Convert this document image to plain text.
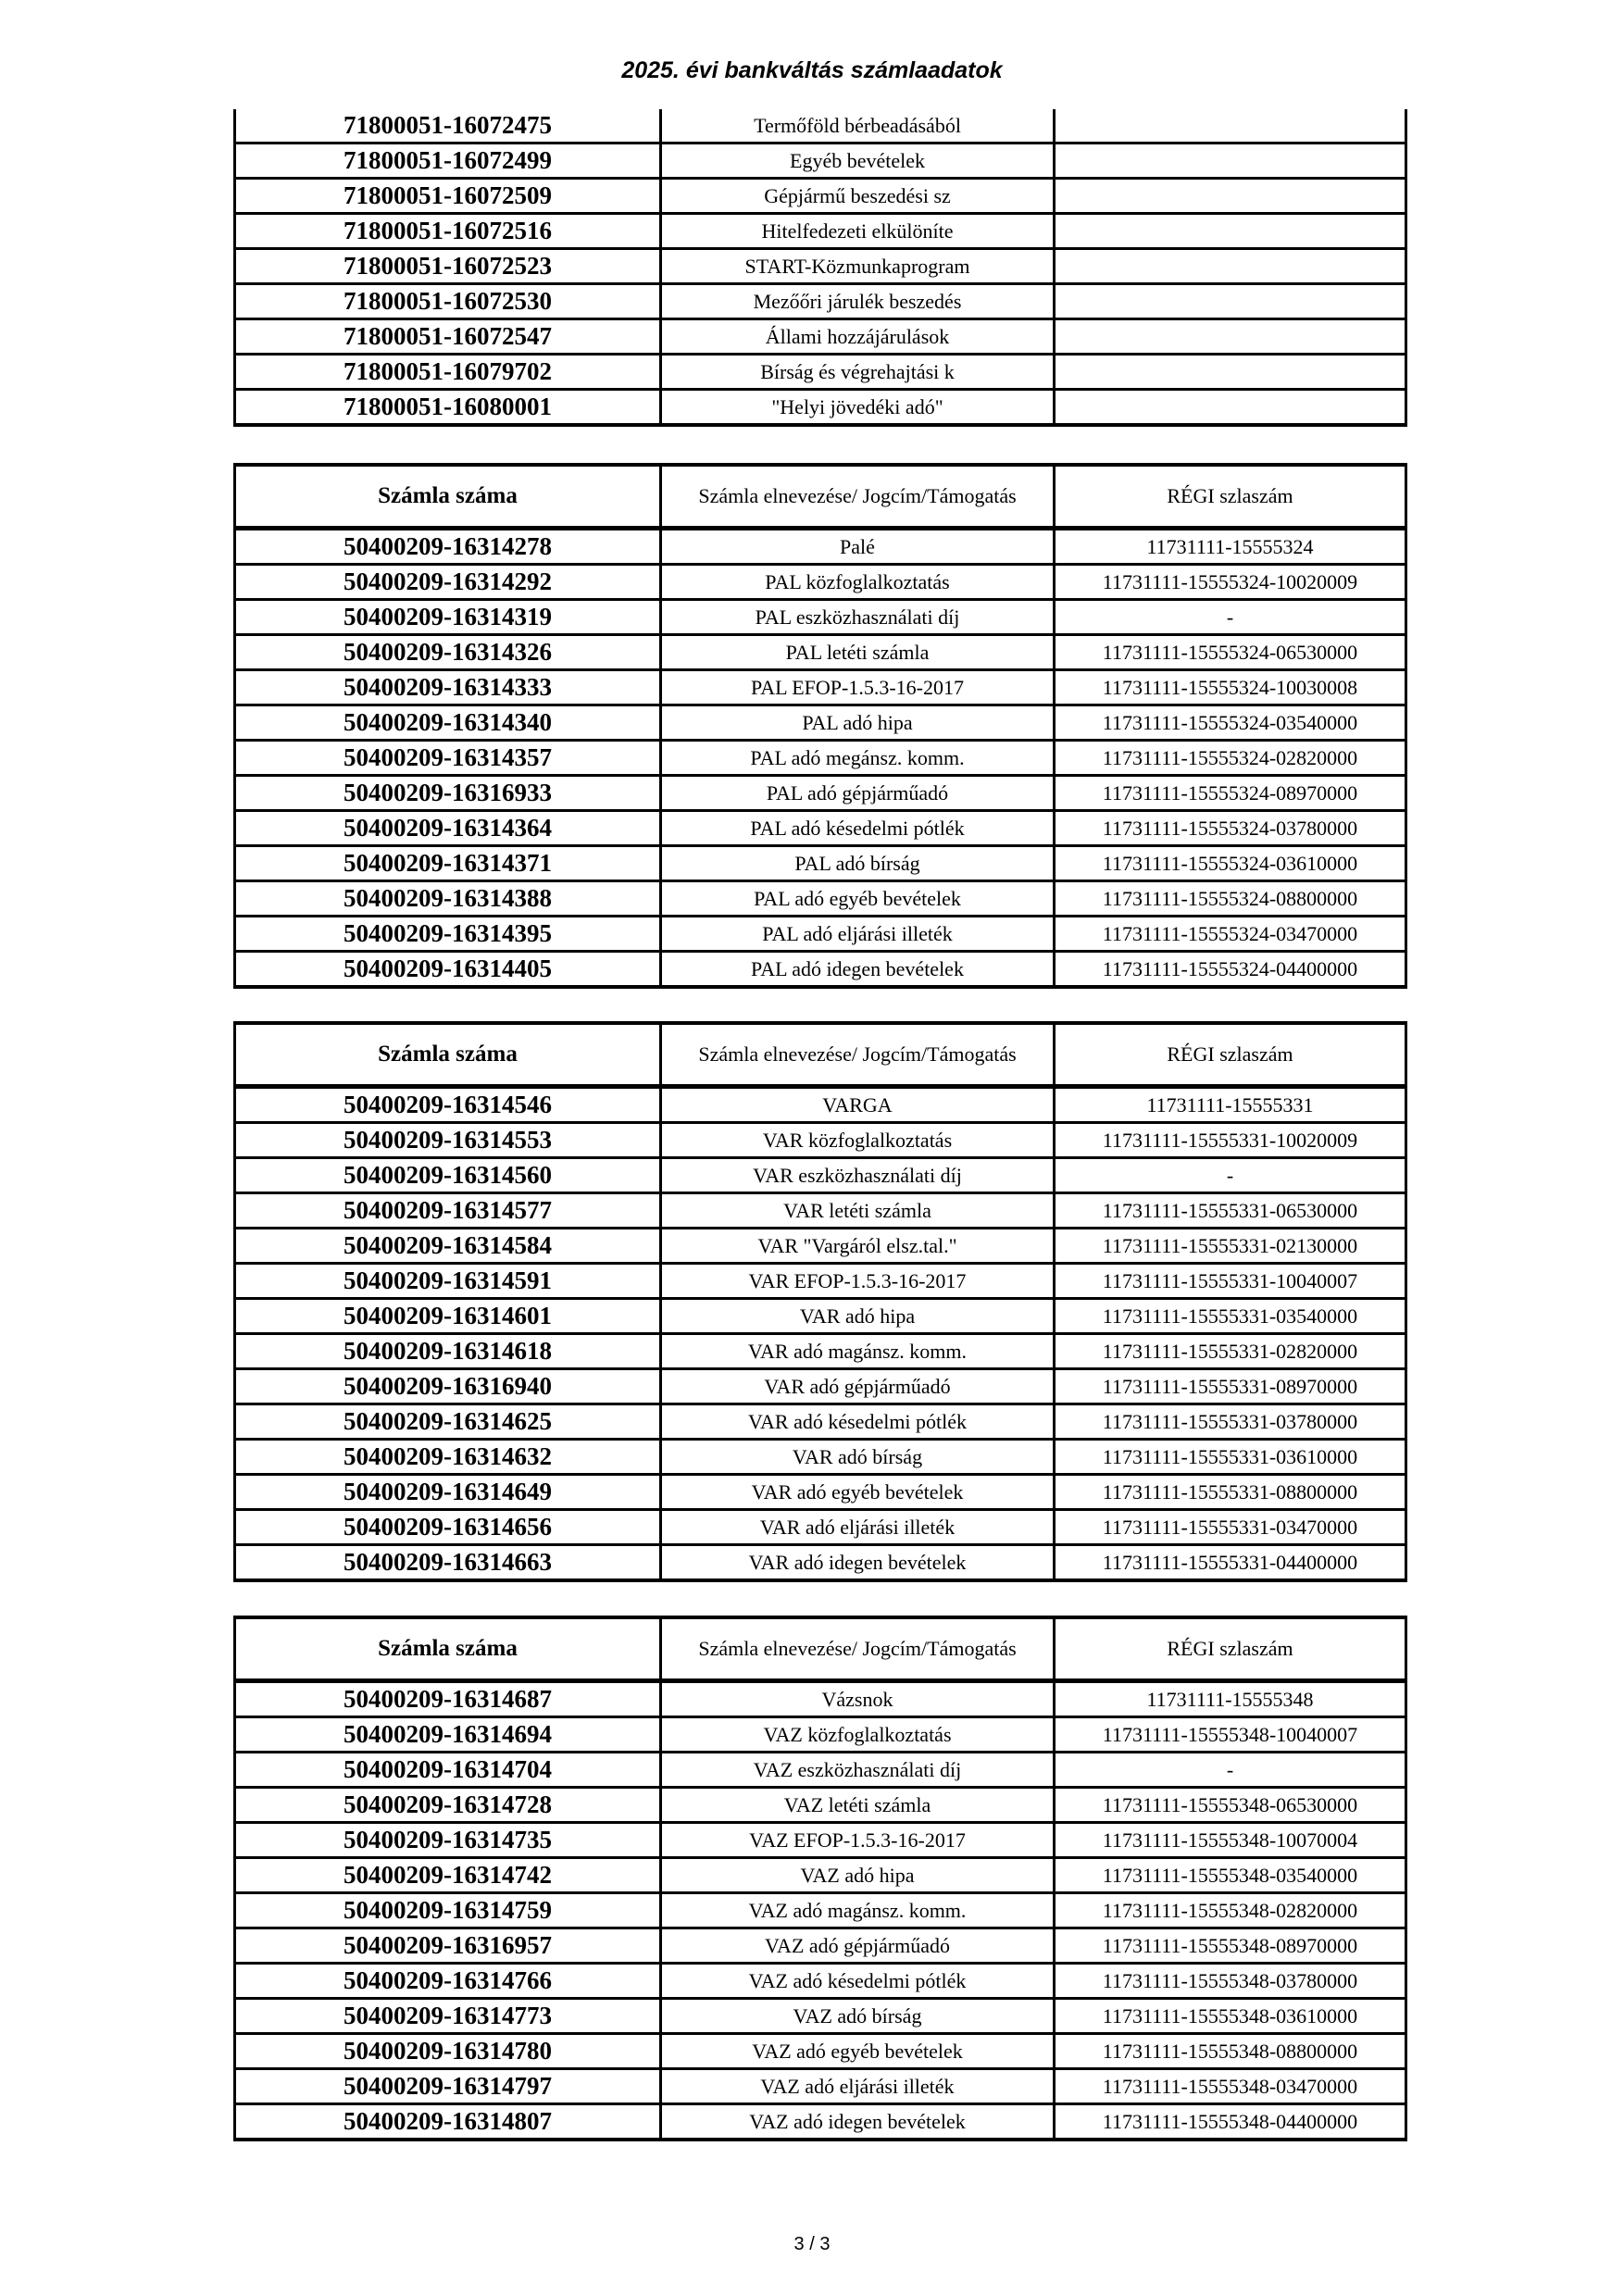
2025. évi bankváltás számlaadatok
71800051-16072475	Termőföld bérbeadásából	
71800051-16072499	Egyéb bevételek	
71800051-16072509	Gépjármű beszedési sz	
71800051-16072516	Hitelfedezeti elkülönítе	
71800051-16072523	START-Közmunkaprogram	
71800051-16072530	Mezőőri járulék beszedés	
71800051-16072547	Állami hozzájárulások	
71800051-16079702	Bírság és végrehajtási k	
71800051-16080001	"Helyi jövedéki adó"	
Számla száma	Számla elnevezése/ Jogcím/Támogatás	RÉGI szlaszám
50400209-16314278	Palé	11731111-15555324
50400209-16314292	PAL közfoglalkoztatás	11731111-15555324-10020009
50400209-16314319	PAL eszközhasználati díj	-
50400209-16314326	PAL letéti számla	11731111-15555324-06530000
50400209-16314333	PAL EFOP-1.5.3-16-2017	11731111-15555324-10030008
50400209-16314340	PAL adó hipa	11731111-15555324-03540000
50400209-16314357	PAL adó megánsz. komm.	11731111-15555324-02820000
50400209-16316933	PAL adó gépjárműadó	11731111-15555324-08970000
50400209-16314364	PAL adó késedelmi pótlék	11731111-15555324-03780000
50400209-16314371	PAL adó bírság	11731111-15555324-03610000
50400209-16314388	PAL adó egyéb bevételek	11731111-15555324-08800000
50400209-16314395	PAL adó eljárási illeték	11731111-15555324-03470000
50400209-16314405	PAL adó idegen bevételek	11731111-15555324-04400000
Számla száma	Számla elnevezése/ Jogcím/Támogatás	RÉGI szlaszám
50400209-16314546	VARGA	11731111-15555331
50400209-16314553	VAR közfoglalkoztatás	11731111-15555331-10020009
50400209-16314560	VAR eszközhasználati díj	-
50400209-16314577	VAR letéti számla	11731111-15555331-06530000
50400209-16314584	VAR "Vargáról elsz.tal."	11731111-15555331-02130000
50400209-16314591	VAR EFOP-1.5.3-16-2017	11731111-15555331-10040007
50400209-16314601	VAR adó hipa	11731111-15555331-03540000
50400209-16314618	VAR adó magánsz. komm.	11731111-15555331-02820000
50400209-16316940	VAR adó gépjárműadó	11731111-15555331-08970000
50400209-16314625	VAR adó késedelmi pótlék	11731111-15555331-03780000
50400209-16314632	VAR adó bírság	11731111-15555331-03610000
50400209-16314649	VAR adó egyéb bevételek	11731111-15555331-08800000
50400209-16314656	VAR adó eljárási illeték	11731111-15555331-03470000
50400209-16314663	VAR adó idegen bevételek	11731111-15555331-04400000
Számla száma	Számla elnevezése/ Jogcím/Támogatás	RÉGI szlaszám
50400209-16314687	Vázsnok	11731111-15555348
50400209-16314694	VAZ közfoglalkoztatás	11731111-15555348-10040007
50400209-16314704	VAZ eszközhasználati díj	-
50400209-16314728	VAZ letéti számla	11731111-15555348-06530000
50400209-16314735	VAZ EFOP-1.5.3-16-2017	11731111-15555348-10070004
50400209-16314742	VAZ adó hipa	11731111-15555348-03540000
50400209-16314759	VAZ adó magánsz. komm.	11731111-15555348-02820000
50400209-16316957	VAZ adó gépjárműadó	11731111-15555348-08970000
50400209-16314766	VAZ adó késedelmi pótlék	11731111-15555348-03780000
50400209-16314773	VAZ adó bírság	11731111-15555348-03610000
50400209-16314780	VAZ adó egyéb bevételek	11731111-15555348-08800000
50400209-16314797	VAZ adó eljárási illeték	11731111-15555348-03470000
50400209-16314807	VAZ adó idegen bevételek	11731111-15555348-04400000
3 / 3
